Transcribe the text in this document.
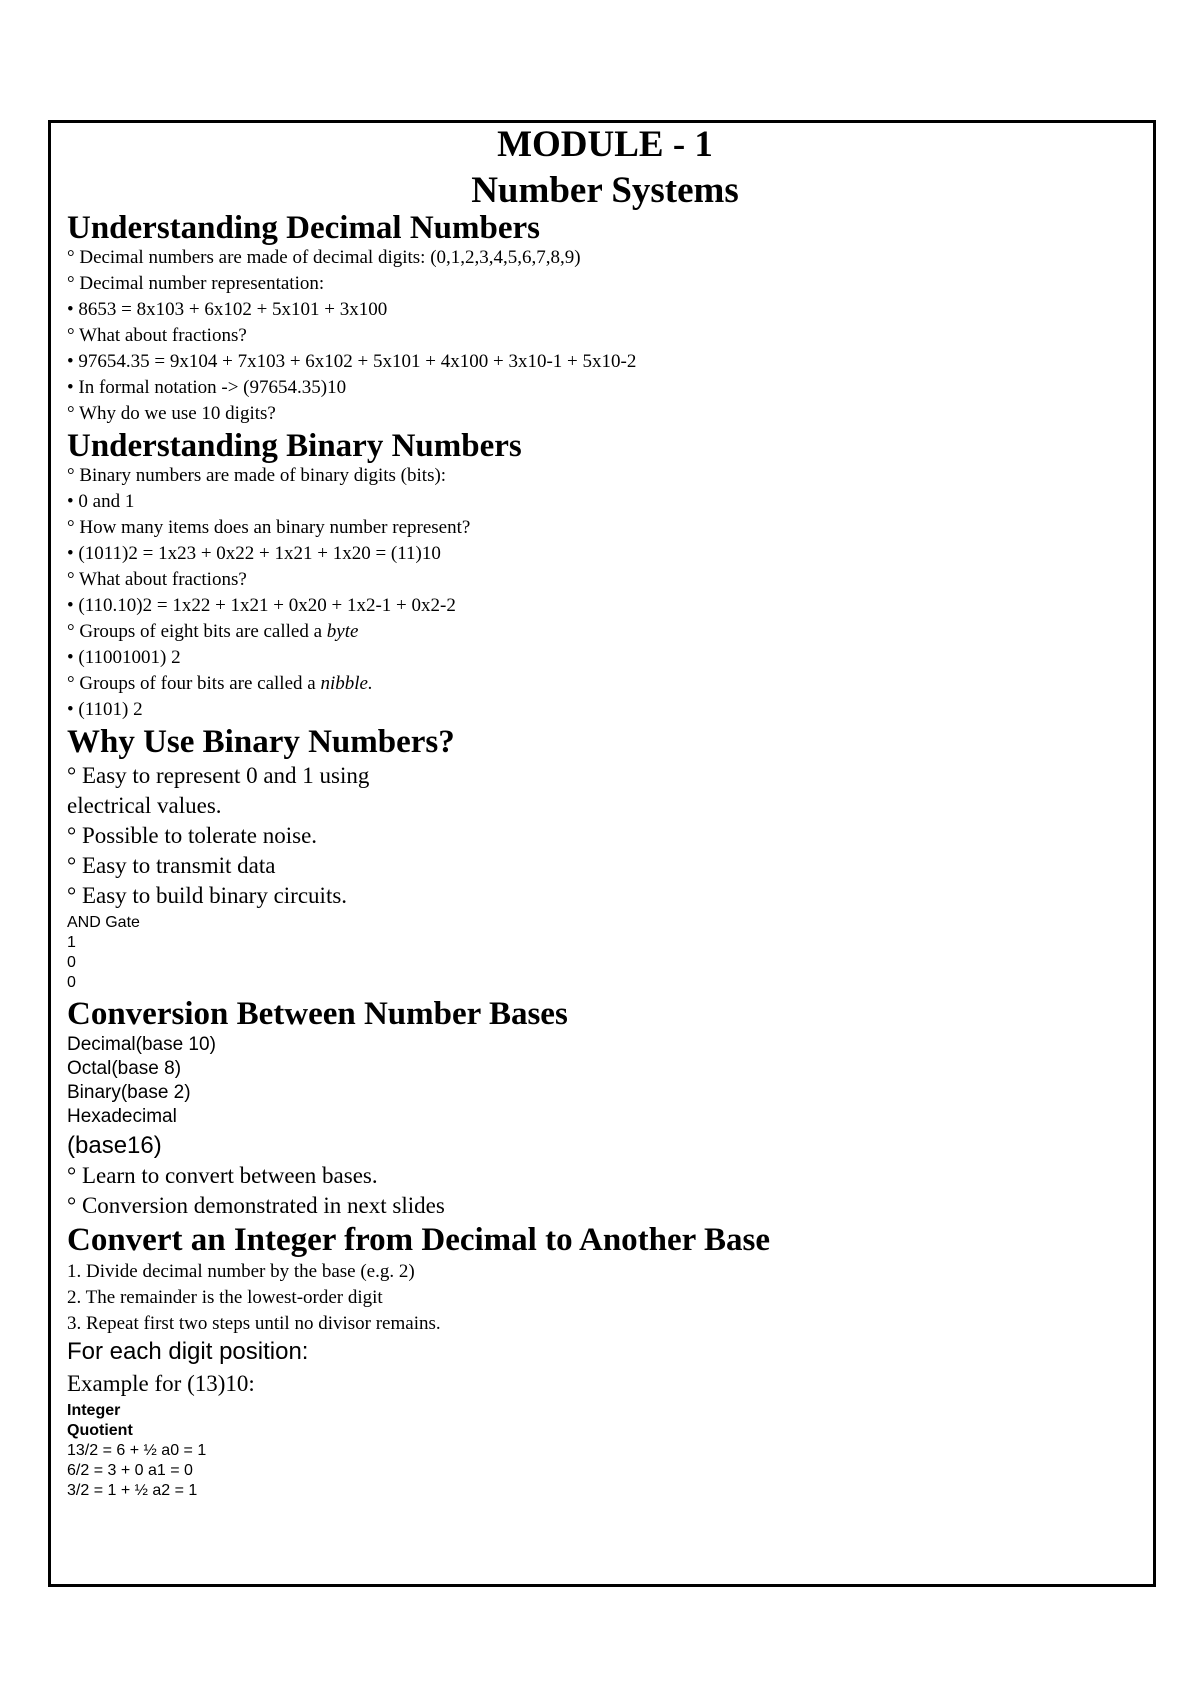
MODULE - 1
Number Systems
Understanding Decimal Numbers
° Decimal numbers are made of decimal digits: (0,1,2,3,4,5,6,7,8,9)
° Decimal number representation:
• 8653 = 8x103 + 6x102 + 5x101 + 3x100
° What about fractions?
• 97654.35 = 9x104 + 7x103 + 6x102 + 5x101 + 4x100 + 3x10-1 + 5x10-2
• In formal notation -> (97654.35)10
° Why do we use 10 digits?
Understanding Binary Numbers
° Binary numbers are made of binary digits (bits):
• 0 and 1
° How many items does an binary number represent?
• (1011)2 = 1x23 + 0x22 + 1x21 + 1x20 = (11)10
° What about fractions?
• (110.10)2 = 1x22 + 1x21 + 0x20 + 1x2-1 + 0x2-2
° Groups of eight bits are called a byte
• (11001001) 2
° Groups of four bits are called a nibble.
• (1101) 2
Why Use Binary Numbers?
° Easy to represent 0 and 1 using
electrical values.
° Possible to tolerate noise.
° Easy to transmit data
° Easy to build binary circuits.
AND Gate
1
0
0
Conversion Between Number Bases
Decimal(base 10)
Octal(base 8)
Binary(base 2)
Hexadecimal
(base16)
° Learn to convert between bases.
° Conversion demonstrated in next slides
Convert an Integer from Decimal to Another Base
1. Divide decimal number by the base (e.g. 2)
2. The remainder is the lowest-order digit
3. Repeat first two steps until no divisor remains.
For each digit position:
Example for (13)10:
Integer
Quotient
13/2 = 6 + ½ a0 = 1
6/2 = 3 + 0 a1 = 0
3/2 = 1 + ½ a2 = 1
